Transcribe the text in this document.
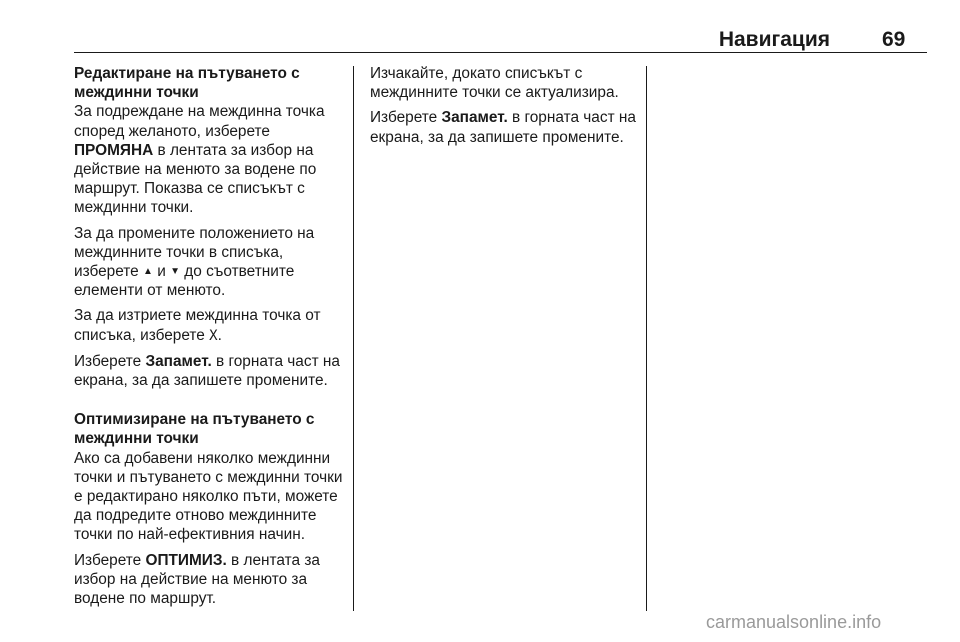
Навигация 69

Редактиране на пътуването с междинни точки

За подреждане на междинна точка според желаното, изберете ПРОМЯНА в лентата за избор на действие на менюто за водене по маршрут. Показва се списъкът с междинни точки.

За да промените положението на междинните точки в списъка, изберете ▲ и ▼ до съответните елементи от менюто.

За да изтриете междинна точка от списъка, изберете X.

Изберете Запамет. в горната част на екрана, за да запишете промените.

Оптимизиране на пътуването с междинни точки

Ако са добавени няколко междинни точки и пътуването с междинни точки е редактирано няколко пъти, можете да подредите отново междинните точки по най-ефективния начин.

Изберете ОПТИМИЗ. в лентата за избор на действие на менюто за водене по маршрут.

Изчакайте, докато списъкът с междинните точки се актуализира.

Изберете Запамет. в горната част на екрана, за да запишете промените.

carmanualsonline.info
